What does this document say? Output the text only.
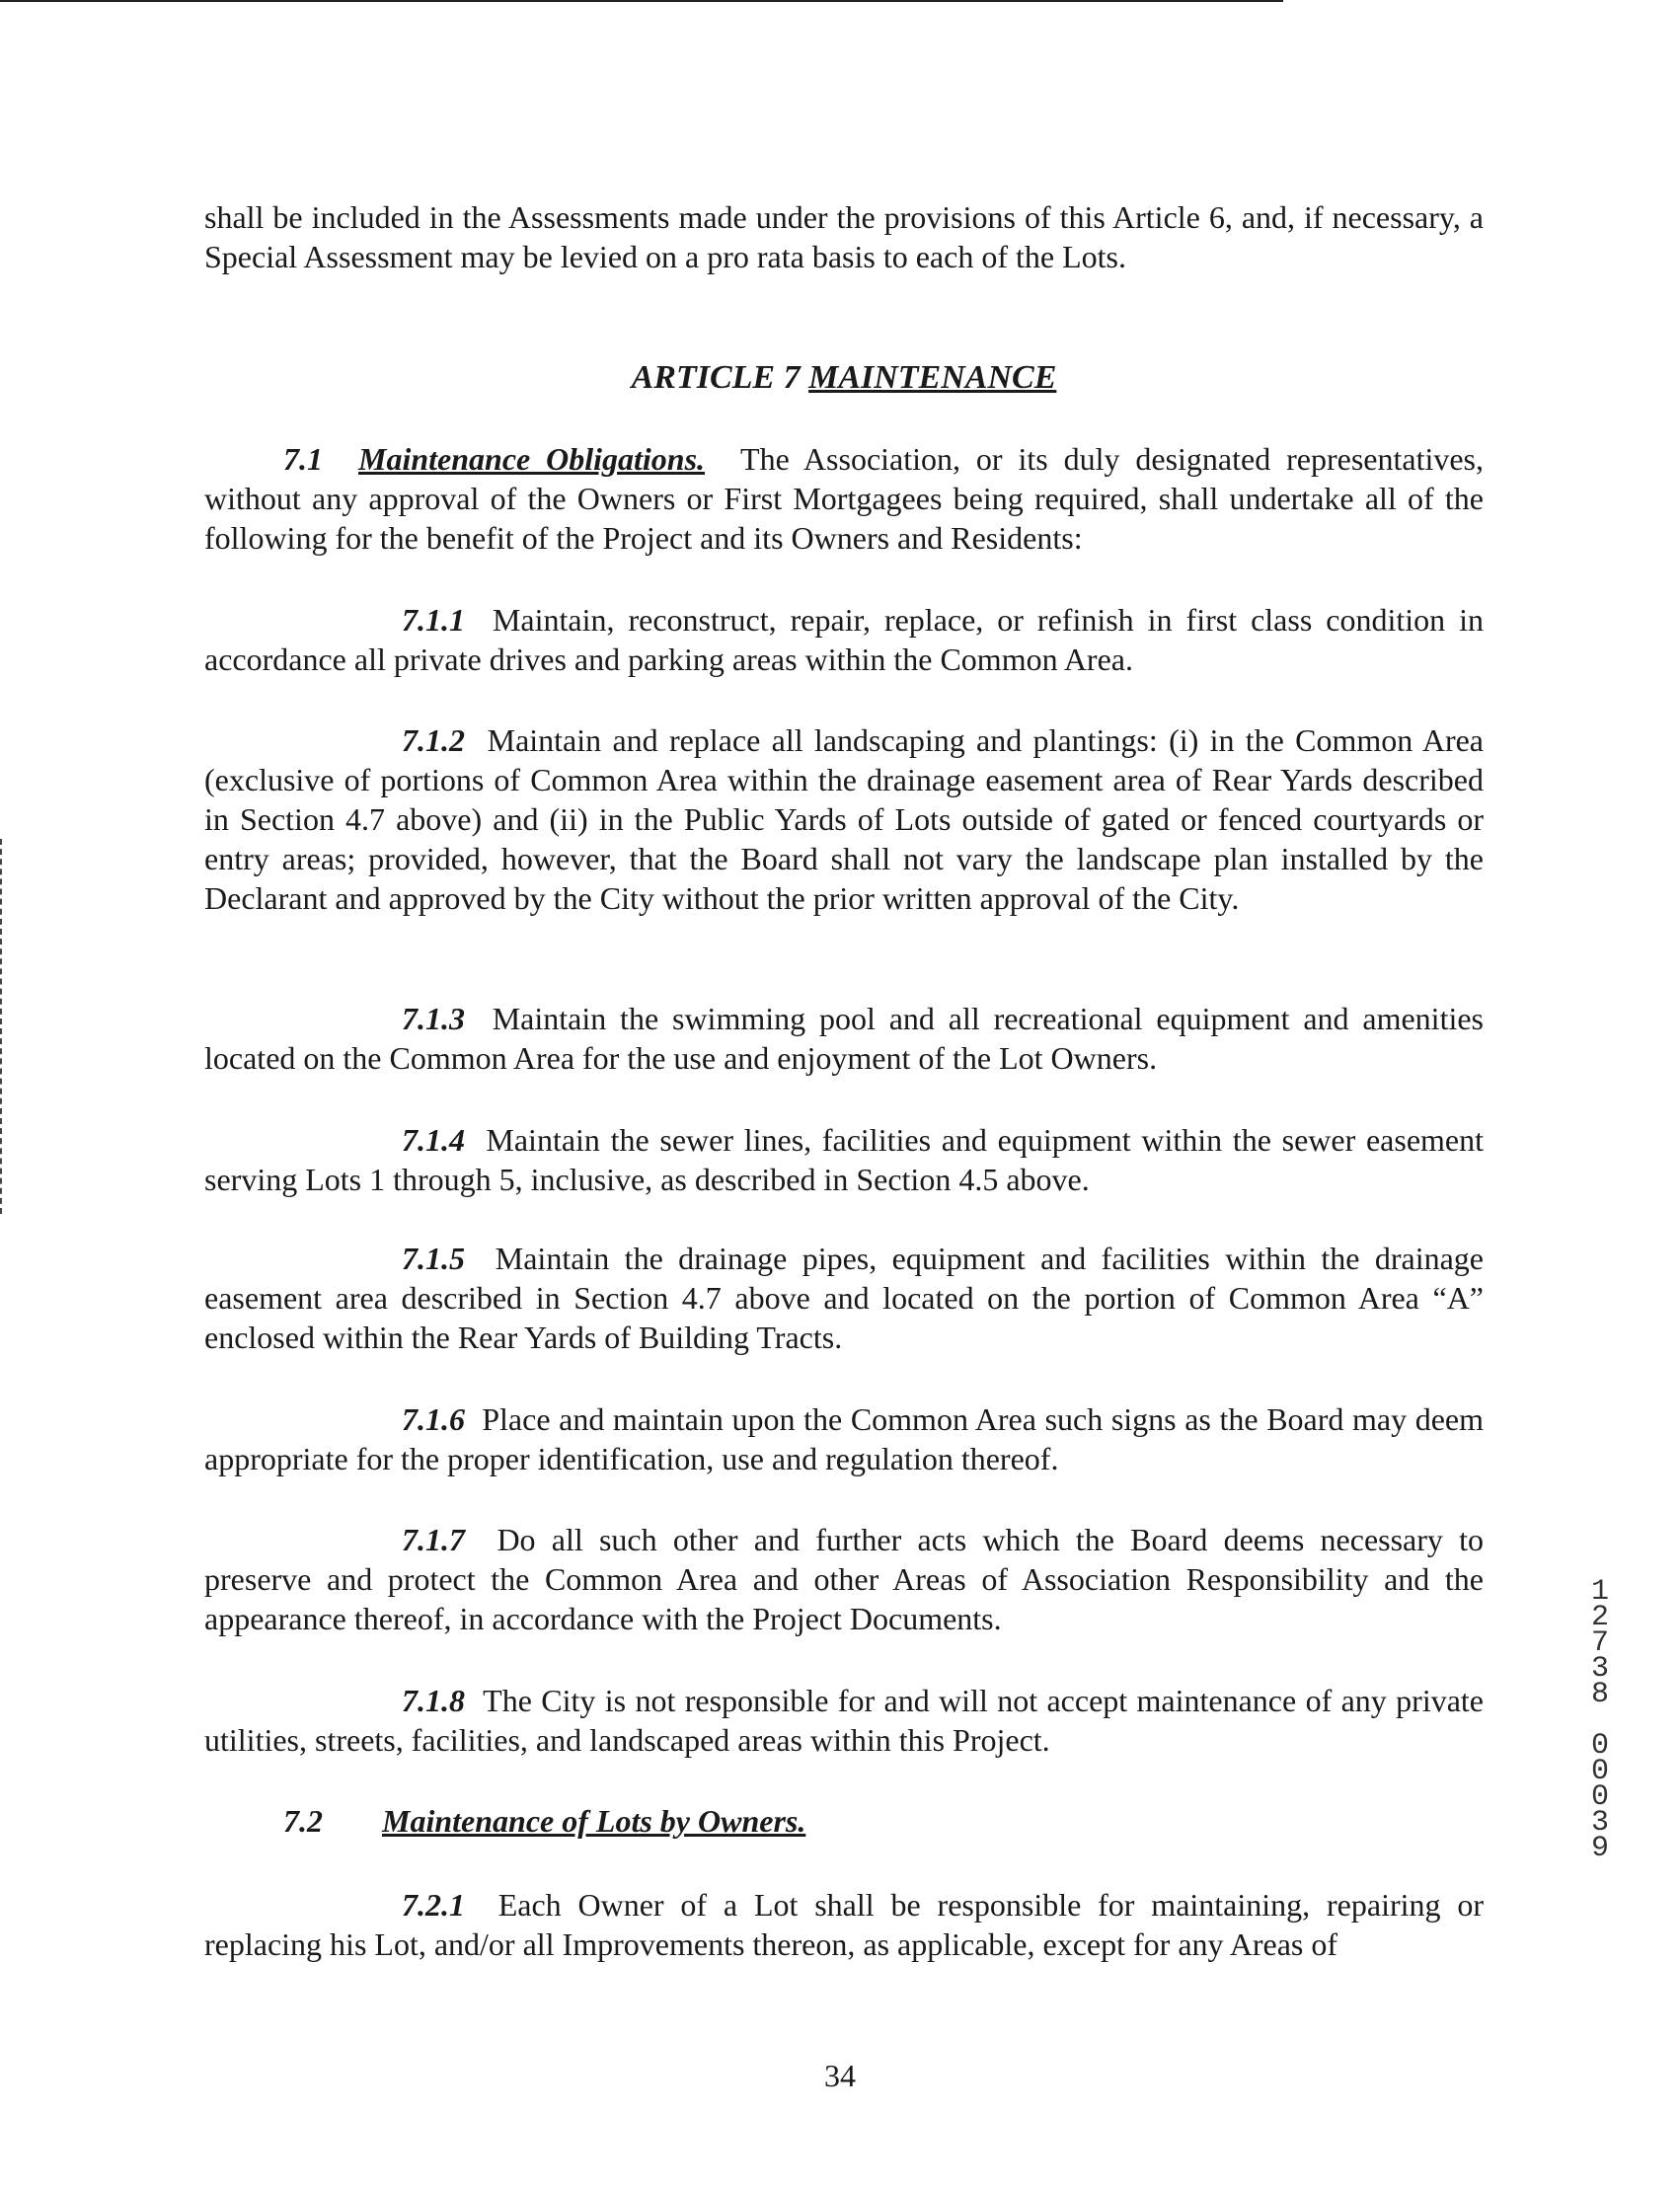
shall be included in the Assessments made under the provisions of this Article 6, and, if necessary, a Special Assessment may be levied on a pro rata basis to each of the Lots.

ARTICLE 7 MAINTENANCE

7.1 Maintenance Obligations. The Association, or its duly designated representatives, without any approval of the Owners or First Mortgagees being required, shall undertake all of the following for the benefit of the Project and its Owners and Residents:

7.1.1 Maintain, reconstruct, repair, replace, or refinish in first class condition in accordance all private drives and parking areas within the Common Area.

7.1.2 Maintain and replace all landscaping and plantings: (i) in the Common Area (exclusive of portions of Common Area within the drainage easement area of Rear Yards described in Section 4.7 above) and (ii) in the Public Yards of Lots outside of gated or fenced courtyards or entry areas; provided, however, that the Board shall not vary the landscape plan installed by the Declarant and approved by the City without the prior written approval of the City.

7.1.3 Maintain the swimming pool and all recreational equipment and amenities located on the Common Area for the use and enjoyment of the Lot Owners.

7.1.4 Maintain the sewer lines, facilities and equipment within the sewer easement serving Lots 1 through 5, inclusive, as described in Section 4.5 above.

7.1.5 Maintain the drainage pipes, equipment and facilities within the drainage easement area described in Section 4.7 above and located on the portion of Common Area “A” enclosed within the Rear Yards of Building Tracts.

7.1.6 Place and maintain upon the Common Area such signs as the Board may deem appropriate for the proper identification, use and regulation thereof.

7.1.7 Do all such other and further acts which the Board deems necessary to preserve and protect the Common Area and other Areas of Association Responsibility and the appearance thereof, in accordance with the Project Documents.

7.1.8 The City is not responsible for and will not accept maintenance of any private utilities, streets, facilities, and landscaped areas within this Project.

7.2 Maintenance of Lots by Owners.

7.2.1 Each Owner of a Lot shall be responsible for maintaining, repairing or replacing his Lot, and/or all Improvements thereon, as applicable, except for any Areas of

34
12738
00039
